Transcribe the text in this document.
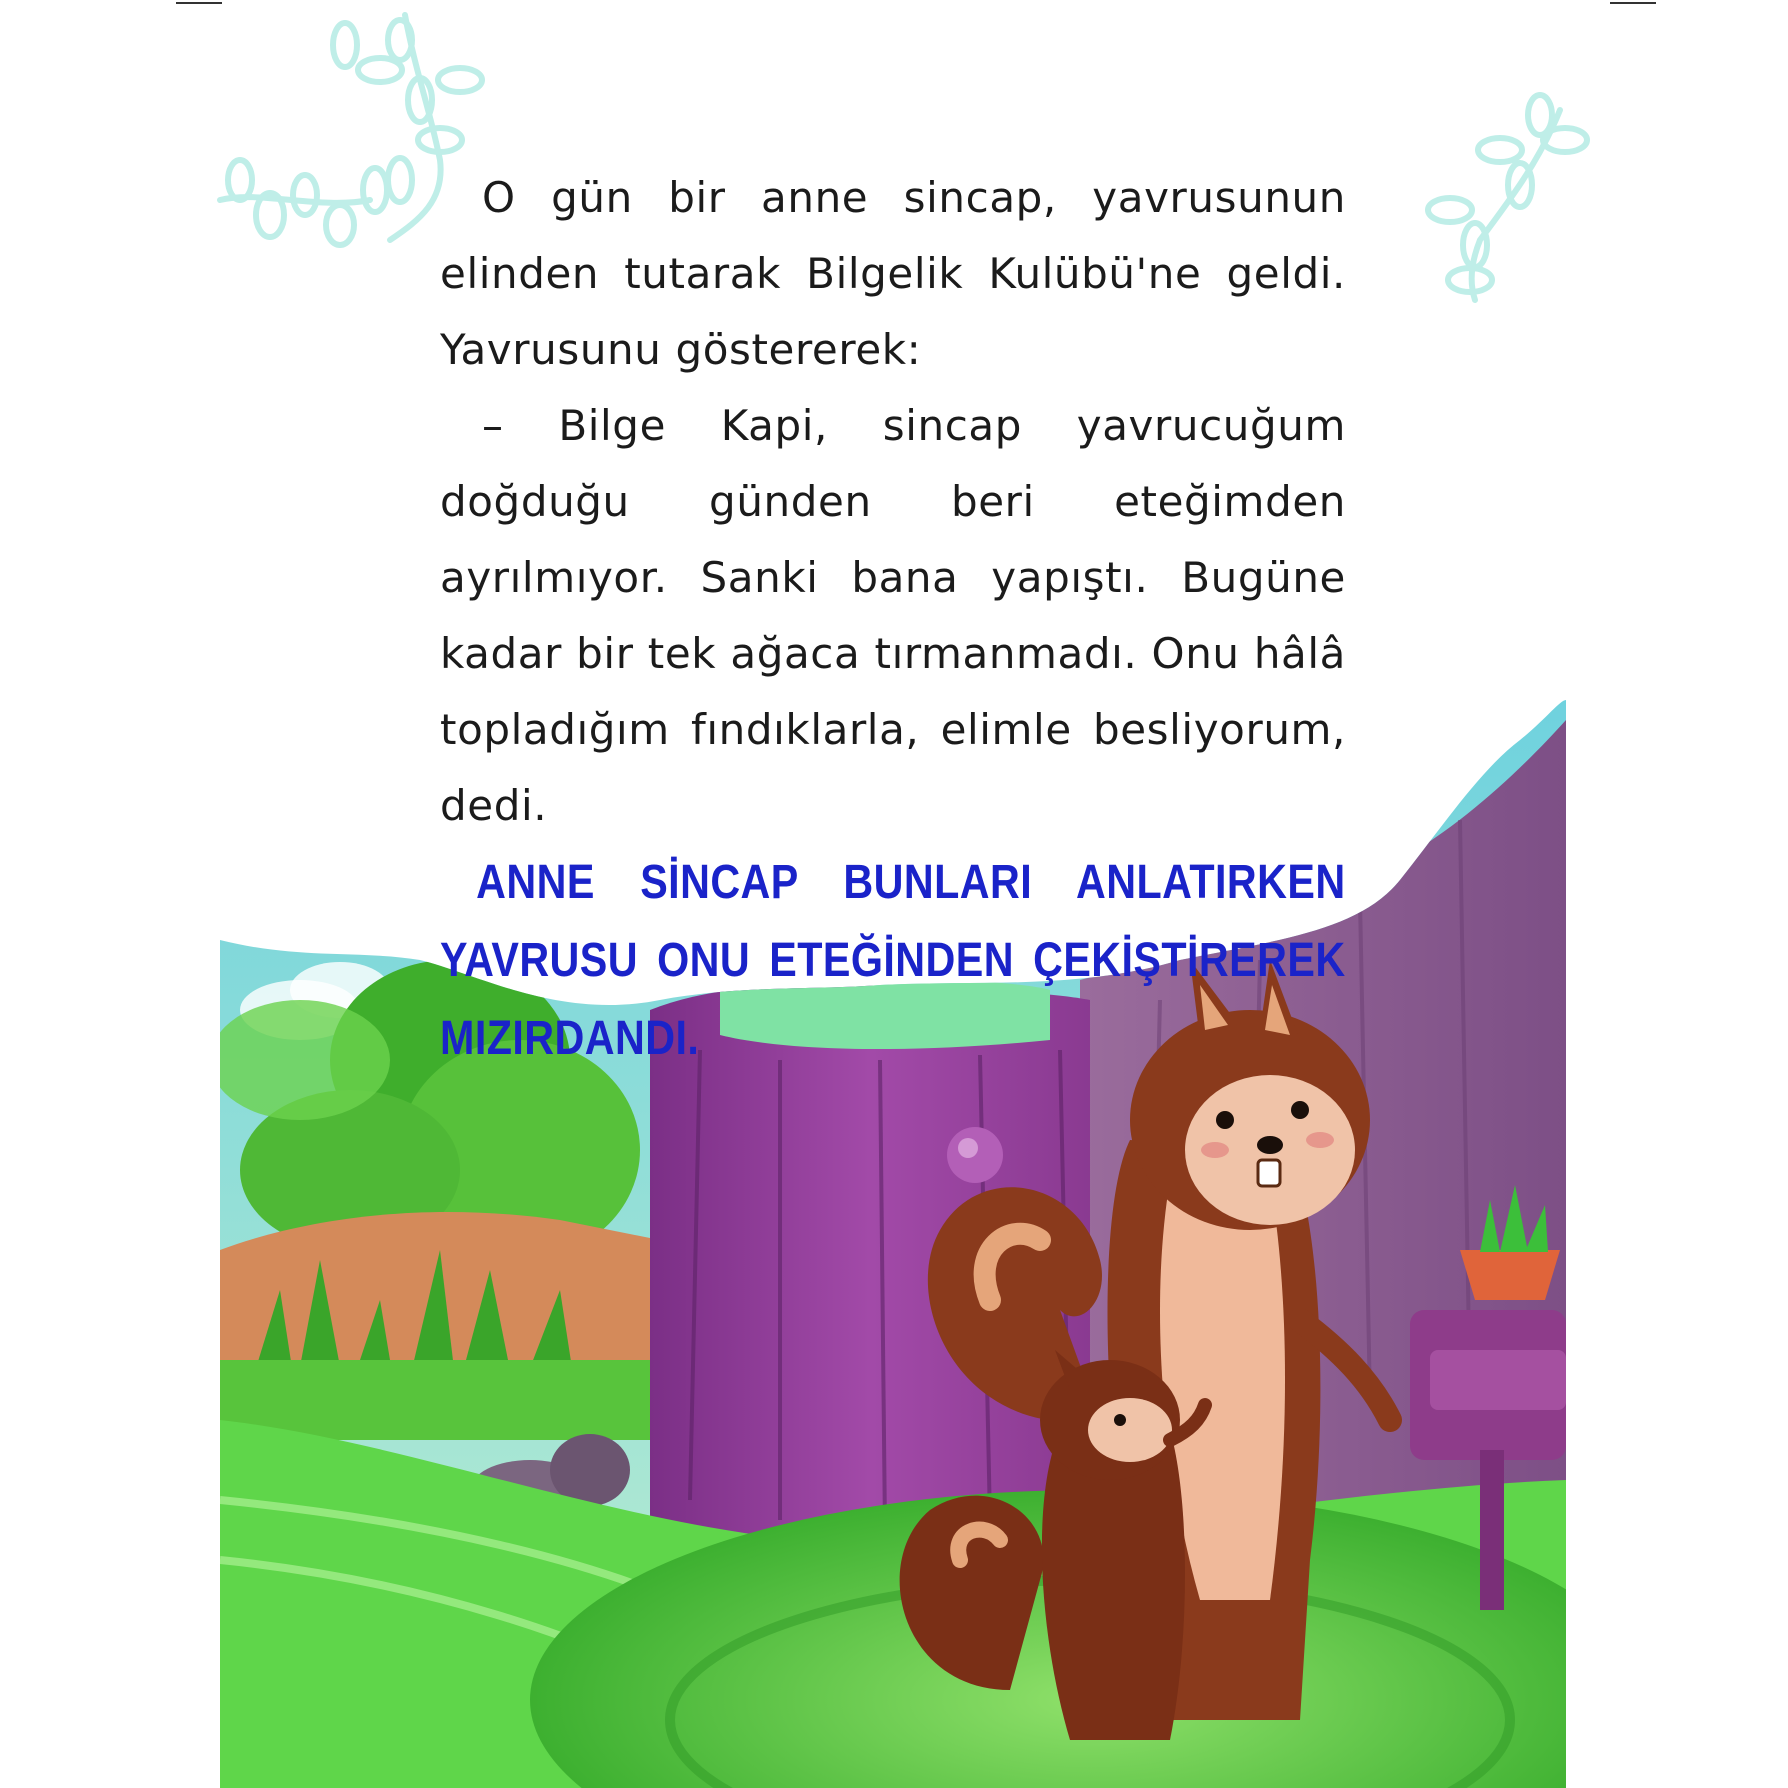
O gün bir anne sincap, yavrusunun elinden tutarak Bilgelik Kulübü'ne geldi. Yavrusunu göstererek:

– Bilge Kapi, sincap yavrucuğum doğduğu günden beri eteğimden ayrılmıyor. Sanki bana yapıştı. Bugüne kadar bir tek ağaca tırmanmadı. Onu hâlâ topladığım fındıklarla, elimle besliyorum, dedi.

ANNE SİNCAP BUNLARI ANLATIRKEN YAVRUSU ONU ETEĞİNDEN ÇEKİŞTİREREK MIZIRDANDI.
